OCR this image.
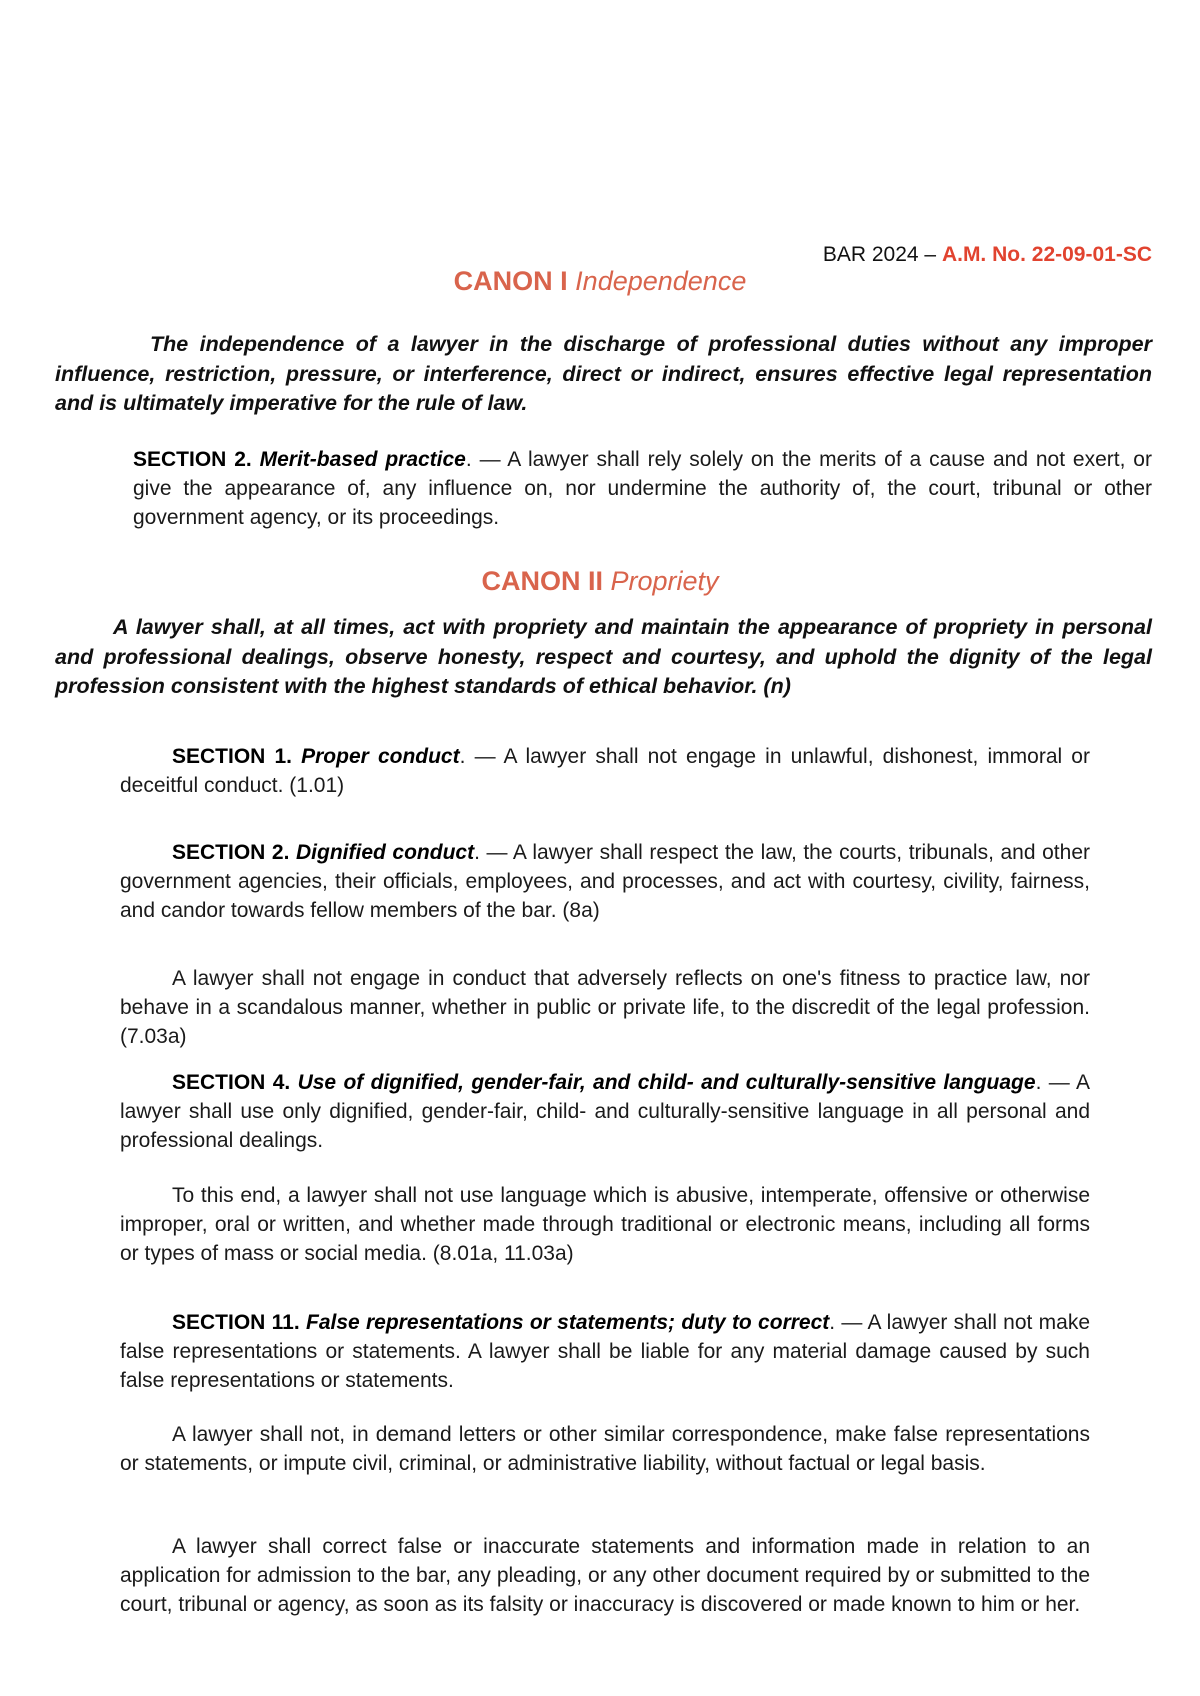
BAR 2024 – A.M. No. 22-09-01-SC

CANON I Independence

The independence of a lawyer in the discharge of professional duties without any improper influence, restriction, pressure, or interference, direct or indirect, ensures effective legal representation and is ultimately imperative for the rule of law.

SECTION 2. Merit-based practice. — A lawyer shall rely solely on the merits of a cause and not exert, or give the appearance of, any influence on, nor undermine the authority of, the court, tribunal or other government agency, or its proceedings.

CANON II Propriety

A lawyer shall, at all times, act with propriety and maintain the appearance of propriety in personal and professional dealings, observe honesty, respect and courtesy, and uphold the dignity of the legal profession consistent with the highest standards of ethical behavior. (n)

SECTION 1. Proper conduct. — A lawyer shall not engage in unlawful, dishonest, immoral or deceitful conduct. (1.01)

SECTION 2. Dignified conduct. — A lawyer shall respect the law, the courts, tribunals, and other government agencies, their officials, employees, and processes, and act with courtesy, civility, fairness, and candor towards fellow members of the bar. (8a)

A lawyer shall not engage in conduct that adversely reflects on one's fitness to practice law, nor behave in a scandalous manner, whether in public or private life, to the discredit of the legal profession. (7.03a)

SECTION 4. Use of dignified, gender-fair, and child- and culturally-sensitive language. — A lawyer shall use only dignified, gender-fair, child- and culturally-sensitive language in all personal and professional dealings.

To this end, a lawyer shall not use language which is abusive, intemperate, offensive or otherwise improper, oral or written, and whether made through traditional or electronic means, including all forms or types of mass or social media. (8.01a, 11.03a)

SECTION 11. False representations or statements; duty to correct. — A lawyer shall not make false representations or statements. A lawyer shall be liable for any material damage caused by such false representations or statements.

A lawyer shall not, in demand letters or other similar correspondence, make false representations or statements, or impute civil, criminal, or administrative liability, without factual or legal basis.

A lawyer shall correct false or inaccurate statements and information made in relation to an application for admission to the bar, any pleading, or any other document required by or submitted to the court, tribunal or agency, as soon as its falsity or inaccuracy is discovered or made known to him or her.
